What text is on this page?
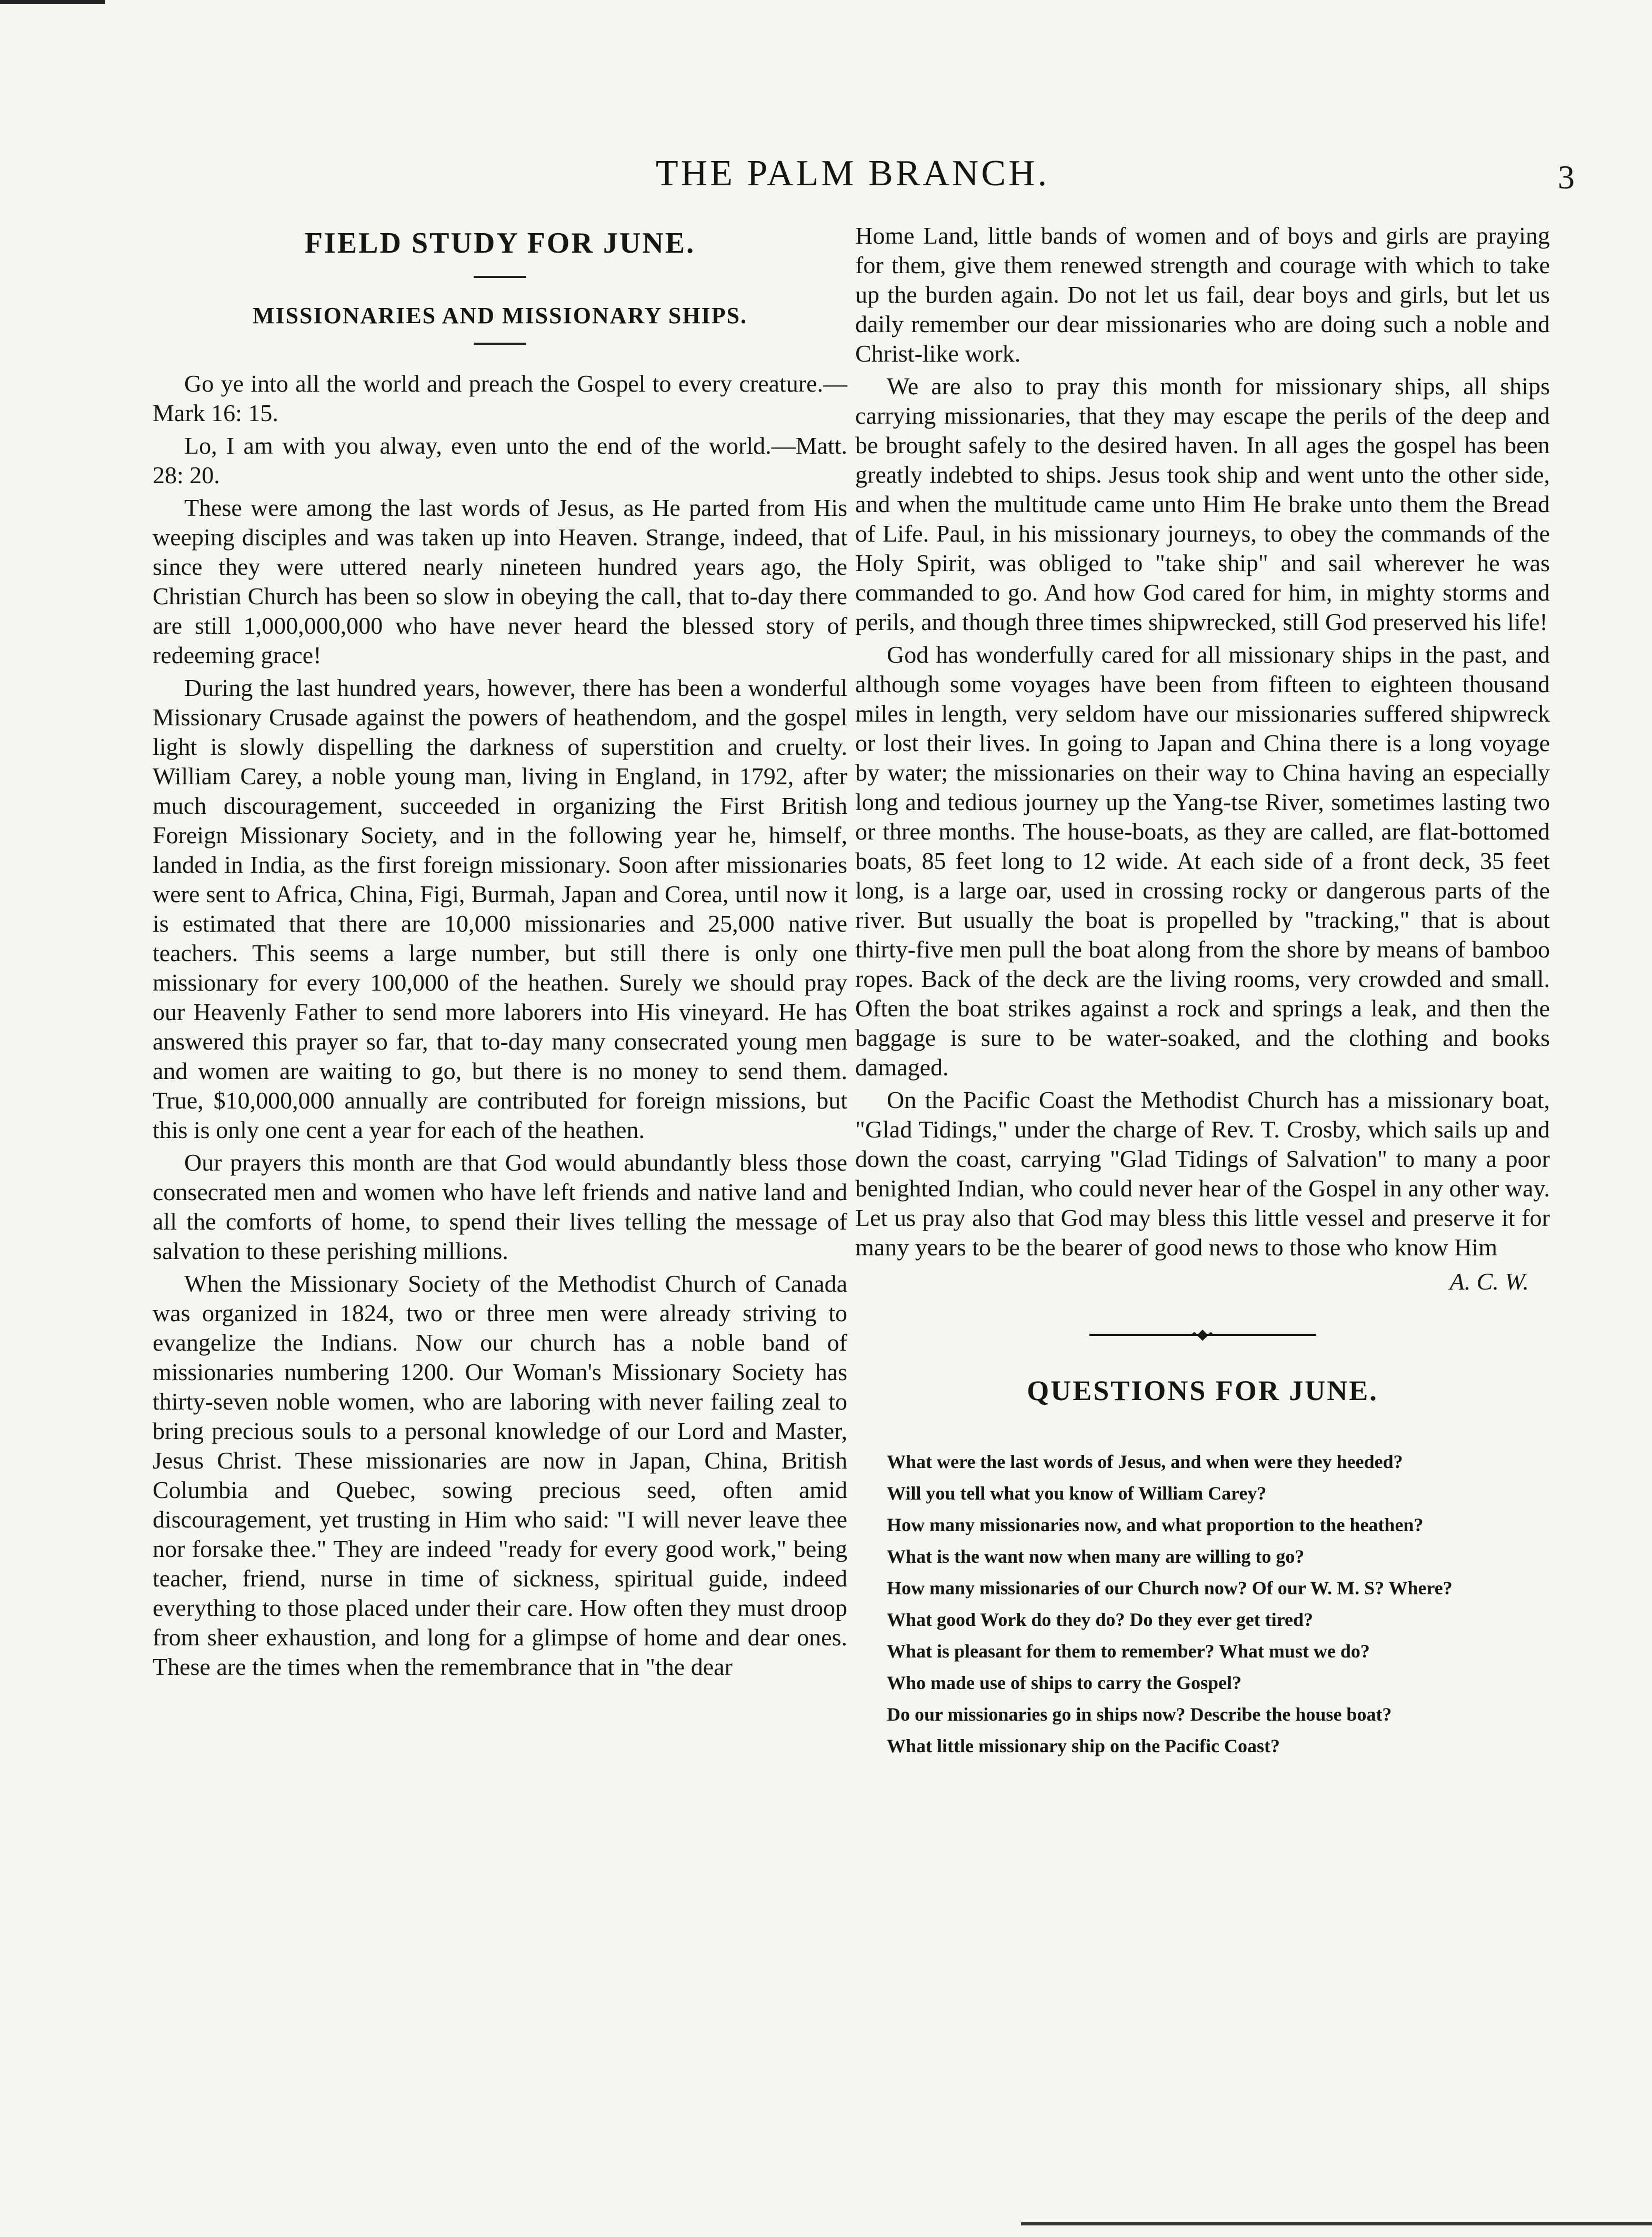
THE PALM BRANCH.	3
FIELD STUDY FOR JUNE.
MISSIONARIES AND MISSIONARY SHIPS.

Go ye into all the world and preach the Gospel to every creature.—Mark 16: 15.

Lo, I am with you alway, even unto the end of the world.—Matt. 28: 20.

These were among the last words of Jesus, as He parted from His weeping disciples and was taken up into Heaven. Strange, indeed, that since they were uttered nearly nineteen hundred years ago, the Christian Church has been so slow in obeying the call, that to-day there are still 1,000,000,000 who have never heard the blessed story of redeeming grace!

During the last hundred years, however, there has been a wonderful Missionary Crusade against the powers of heathendom, and the gospel light is slowly dispelling the darkness of superstition and cruelty. William Carey, a noble young man, living in England, in 1792, after much discouragement, succeeded in organizing the First British Foreign Missionary Society, and in the following year he, himself, landed in India, as the first foreign missionary. Soon after missionaries were sent to Africa, China, Figi, Burmah, Japan and Corea, until now it is estimated that there are 10,000 missionaries and 25,000 native teachers. This seems a large number, but still there is only one missionary for every 100,000 of the heathen. Surely we should pray our Heavenly Father to send more laborers into His vineyard. He has answered this prayer so far, that to-day many consecrated young men and women are waiting to go, but there is no money to send them. True, $10,000,000 annually are contributed for foreign missions, but this is only one cent a year for each of the heathen.

Our prayers this month are that God would abundantly bless those consecrated men and women who have left friends and native land and all the comforts of home, to spend their lives telling the message of salvation to these perishing millions.

When the Missionary Society of the Methodist Church of Canada was organized in 1824, two or three men were already striving to evangelize the Indians. Now our church has a noble band of missionaries numbering 1200. Our Woman's Missionary Society has thirty-seven noble women, who are laboring with never failing zeal to bring precious souls to a personal knowledge of our Lord and Master, Jesus Christ. These missionaries are now in Japan, China, British Columbia and Quebec, sowing precious seed, often amid discouragement, yet trusting in Him who said: "I will never leave thee nor forsake thee." They are indeed "ready for every good work," being teacher, friend, nurse in time of sickness, spiritual guide, indeed everything to those placed under their care. How often they must droop from sheer exhaustion, and long for a glimpse of home and dear ones. These are the times when the remembrance that in "the dear

Home Land, little bands of women and of boys and girls are praying for them, give them renewed strength and courage with which to take up the burden again. Do not let us fail, dear boys and girls, but let us daily remember our dear missionaries who are doing such a noble and Christ-like work.

We are also to pray this month for missionary ships, all ships carrying missionaries, that they may escape the perils of the deep and be brought safely to the desired haven. In all ages the gospel has been greatly indebted to ships. Jesus took ship and went unto the other side, and when the multitude came unto Him He brake unto them the Bread of Life. Paul, in his missionary journeys, to obey the commands of the Holy Spirit, was obliged to "take ship" and sail wherever he was commanded to go. And how God cared for him, in mighty storms and perils, and though three times shipwrecked, still God preserved his life!

God has wonderfully cared for all missionary ships in the past, and although some voyages have been from fifteen to eighteen thousand miles in length, very seldom have our missionaries suffered shipwreck or lost their lives. In going to Japan and China there is a long voyage by water; the missionaries on their way to China having an especially long and tedious journey up the Yang-tse River, sometimes lasting two or three months. The house-boats, as they are called, are flat-bottomed boats, 85 feet long to 12 wide. At each side of a front deck, 35 feet long, is a large oar, used in crossing rocky or dangerous parts of the river. But usually the boat is propelled by "tracking," that is about thirty-five men pull the boat along from the shore by means of bamboo ropes. Back of the deck are the living rooms, very crowded and small. Often the boat strikes against a rock and springs a leak, and then the baggage is sure to be water-soaked, and the clothing and books damaged.

On the Pacific Coast the Methodist Church has a missionary boat, "Glad Tidings," under the charge of Rev. T. Crosby, which sails up and down the coast, carrying "Glad Tidings of Salvation" to many a poor benighted Indian, who could never hear of the Gospel in any other way. Let us pray also that God may bless this little vessel and preserve it for many years to be the bearer of good news to those who know Him

A. C. W.
•◆•
QUESTIONS FOR JUNE.
What were the last words of Jesus, and when were they heeded?
Will you tell what you know of William Carey?
How many missionaries now, and what proportion to the heathen?
What is the want now when many are willing to go?
How many missionaries of our Church now? Of our W. M. S? Where?
What good Work do they do? Do they ever get tired?
What is pleasant for them to remember? What must we do?
Who made use of ships to carry the Gospel?
Do our missionaries go in ships now? Describe the house boat?
What little missionary ship on the Pacific Coast?
